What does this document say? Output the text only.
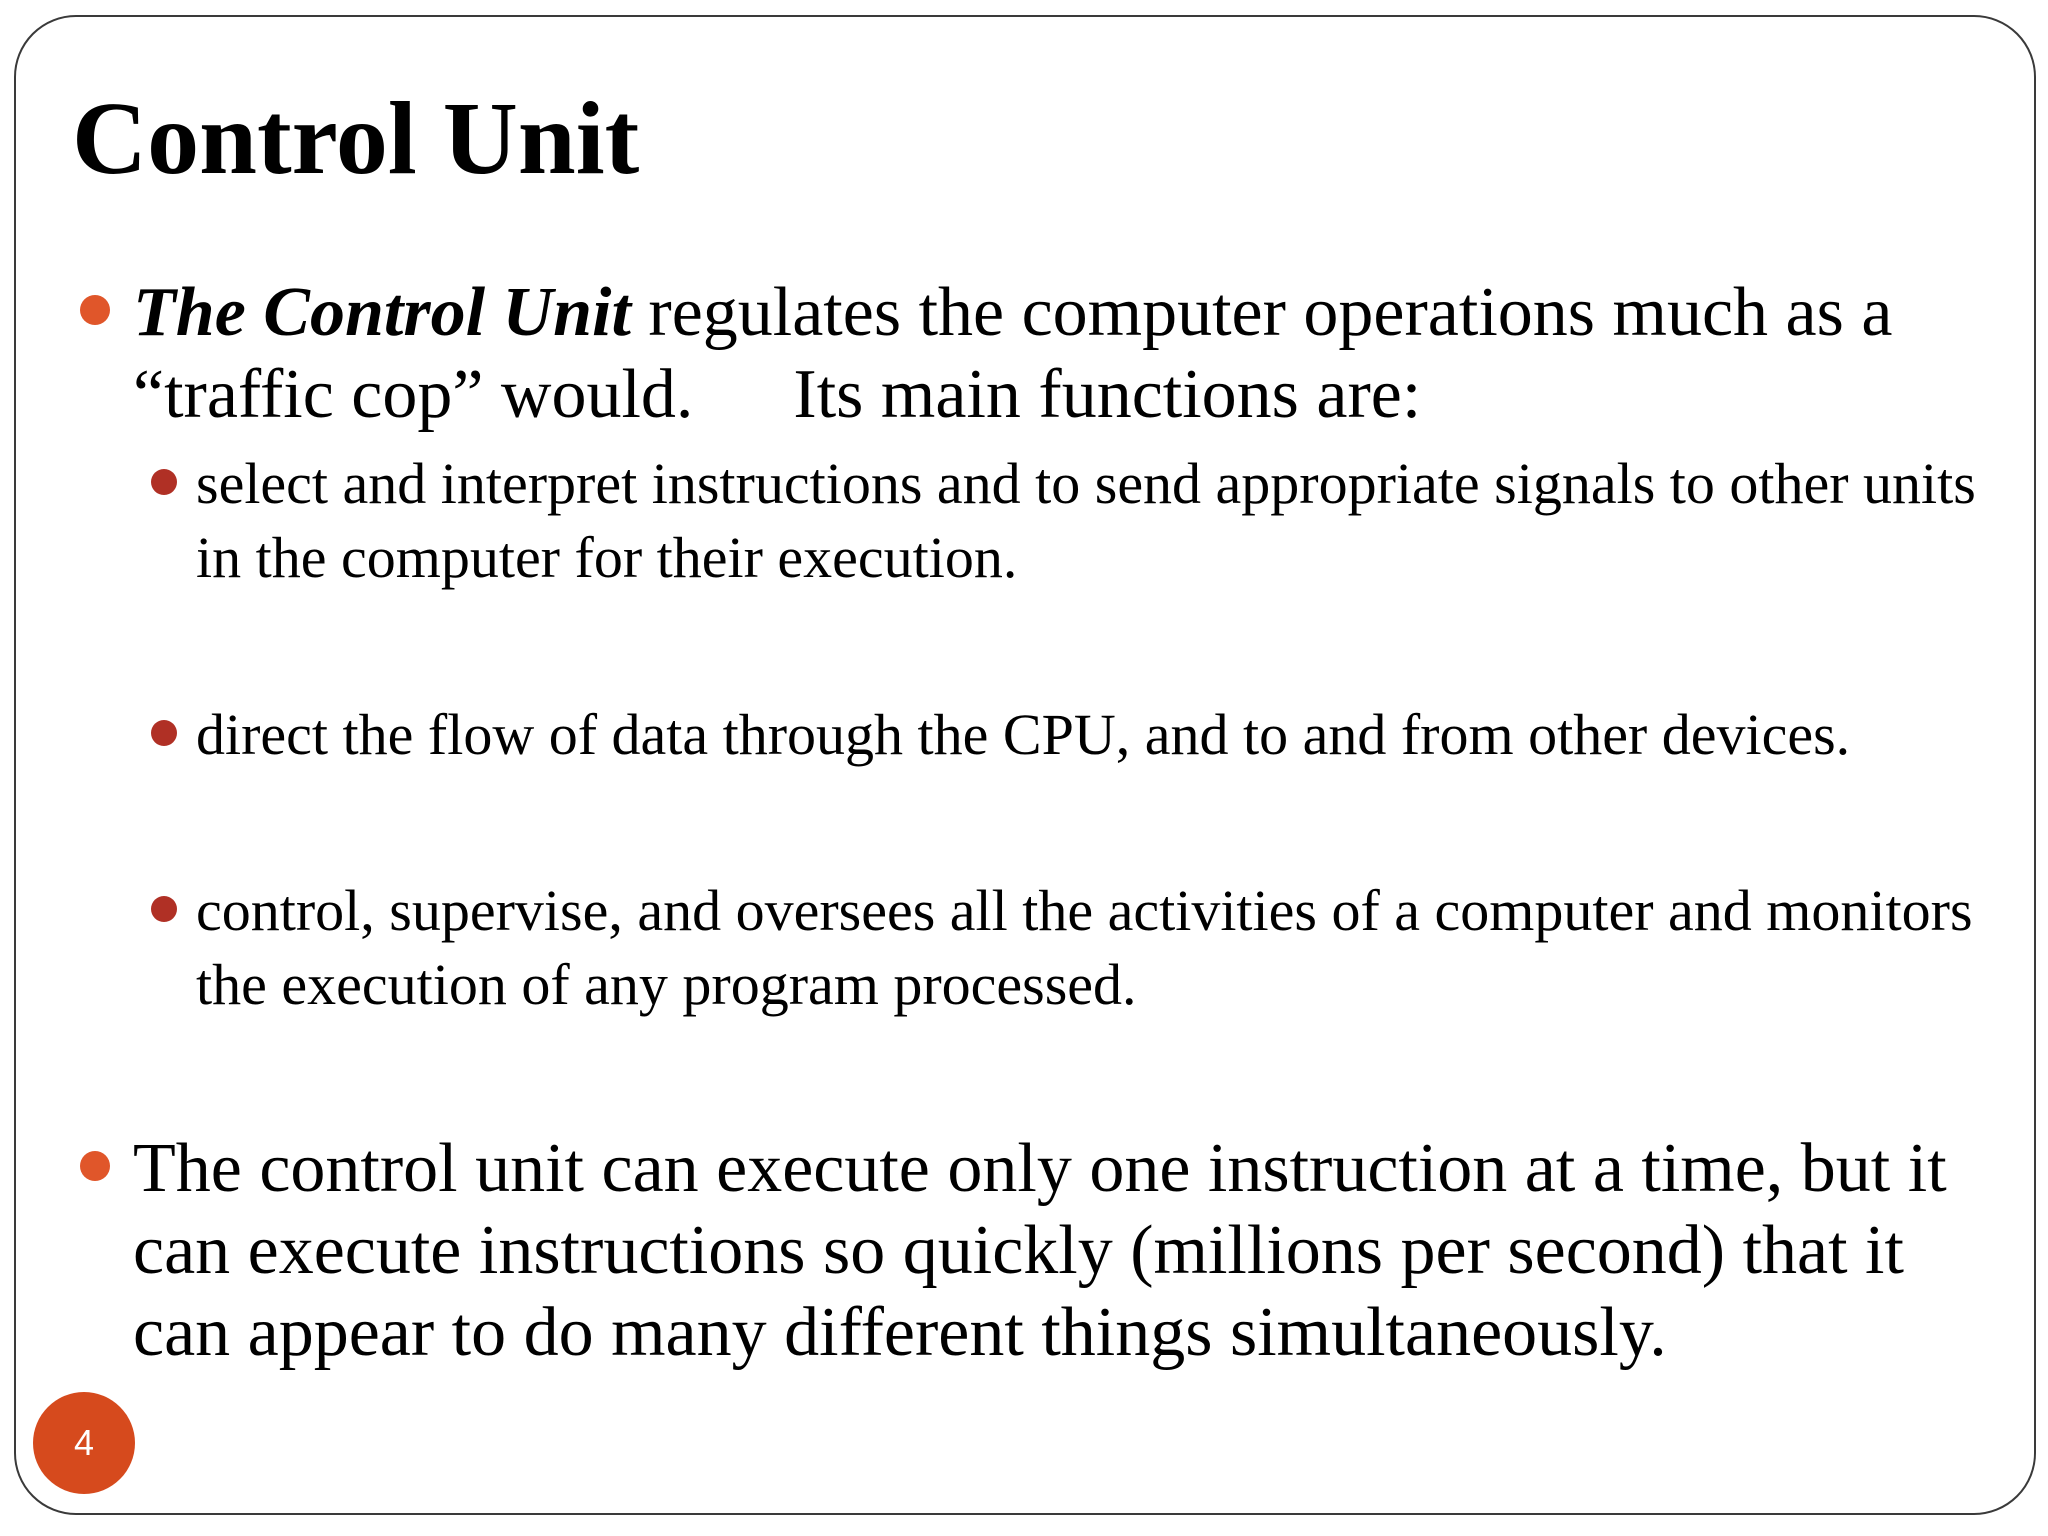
Control Unit
The Control Unit regulates the computer operations much as a
“traffic cop” would. Its main functions are:
select and interpret instructions and to send appropriate signals to other units in the computer for their execution.
direct the flow of data through the CPU, and to and from other devices.
control, supervise, and oversees all the activities of a computer and monitors the execution of any program processed.
The control unit can execute only one instruction at a time, but it can execute instructions so quickly (millions per second) that it can appear to do many different things simultaneously.
4
